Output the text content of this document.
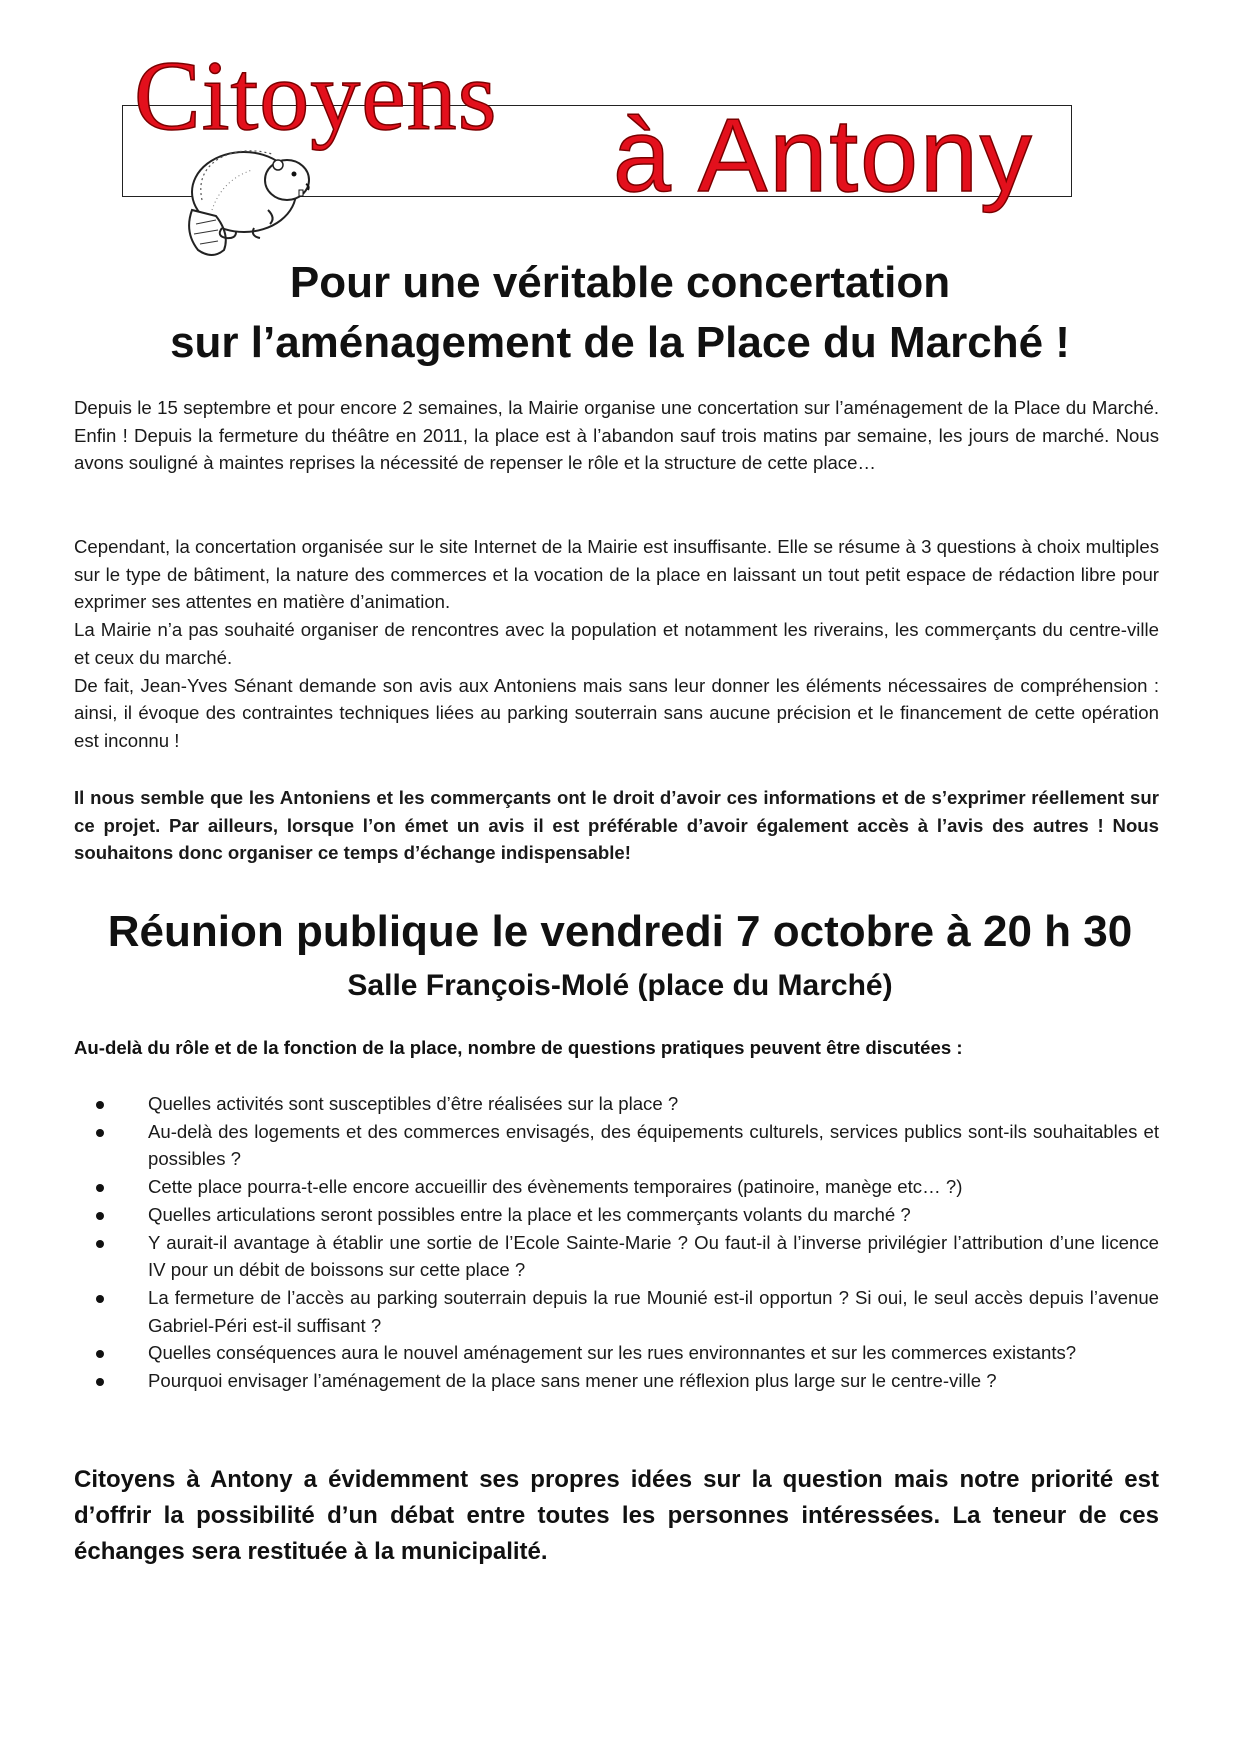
Citoyens
à Antony
Pour une véritable concertation
sur l’aménagement de la Place du Marché !

Depuis le 15 septembre et pour encore 2 semaines, la Mairie organise une concertation sur l’aménagement de la Place du Marché. Enfin ! Depuis la fermeture du théâtre en 2011, la place est à l’abandon sauf trois matins par semaine, les jours de marché. Nous avons souligné à maintes reprises la nécessité de repenser le rôle et la structure de cette place…

Cependant, la concertation organisée sur le site Internet de la Mairie est insuffisante. Elle se résume à 3 questions à choix multiples sur le type de bâtiment, la nature des commerces et la vocation de la place en laissant un tout petit espace de rédaction libre pour exprimer ses attentes en matière d’animation.

La Mairie n’a pas souhaité organiser de rencontres avec la population et notamment les riverains, les commerçants du centre-ville et ceux du marché.

De fait, Jean-Yves Sénant demande son avis aux Antoniens mais sans leur donner les éléments nécessaires de compréhension : ainsi, il évoque des contraintes techniques liées au parking souterrain sans aucune précision et le financement de cette opération est inconnu !

Il nous semble que les Antoniens et les commerçants ont le droit d’avoir ces informations et de s’exprimer réellement sur ce projet. Par ailleurs, lorsque l’on émet un avis il est préférable d’avoir également accès à l’avis des autres ! Nous souhaitons donc organiser ce temps d’échange indispensable!

Réunion publique le vendredi 7 octobre à 20 h 30
Salle François-Molé (place du Marché)
Au-delà du rôle et de la fonction de la place, nombre de questions pratiques peuvent être discutées :
Quelles activités sont susceptibles d’être réalisées sur la place ?
Au-delà des logements et des commerces envisagés, des équipements culturels, services publics sont-ils souhaitables et possibles ?
Cette place pourra-t-elle encore accueillir des évènements temporaires (patinoire, manège etc… ?)
Quelles articulations seront possibles entre la place et les commerçants volants du marché ?
Y aurait-il avantage à établir une sortie de l’Ecole Sainte-Marie ? Ou faut-il à l’inverse privilégier l’attribution d’une licence IV pour un débit de boissons sur cette place ?
La fermeture de l’accès au parking souterrain depuis la rue Mounié est-il opportun ? Si oui, le seul accès depuis l’avenue Gabriel-Péri est-il suffisant ?
Quelles conséquences aura le nouvel aménagement sur les rues environnantes et sur les commerces existants?
Pourquoi envisager l’aménagement de la place sans mener une réflexion plus large sur le centre-ville ?
Citoyens à Antony a évidemment ses propres idées sur la question mais notre priorité est d’offrir la possibilité d’un débat entre toutes les personnes intéressées. La teneur de ces échanges sera restituée à la municipalité.
